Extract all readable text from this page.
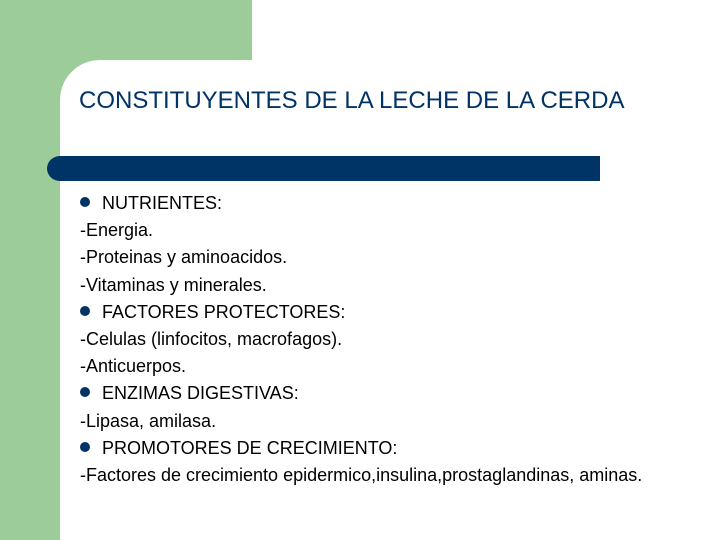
CONSTITUYENTES DE LA LECHE DE LA CERDA
NUTRIENTES:
-Energia.
-Proteinas y aminoacidos.
-Vitaminas y minerales.
FACTORES PROTECTORES:
-Celulas (linfocitos, macrofagos).
-Anticuerpos.
ENZIMAS DIGESTIVAS:
-Lipasa, amilasa.
PROMOTORES DE CRECIMIENTO:
-Factores de crecimiento epidermico,insulina,prostaglandinas, aminas.
